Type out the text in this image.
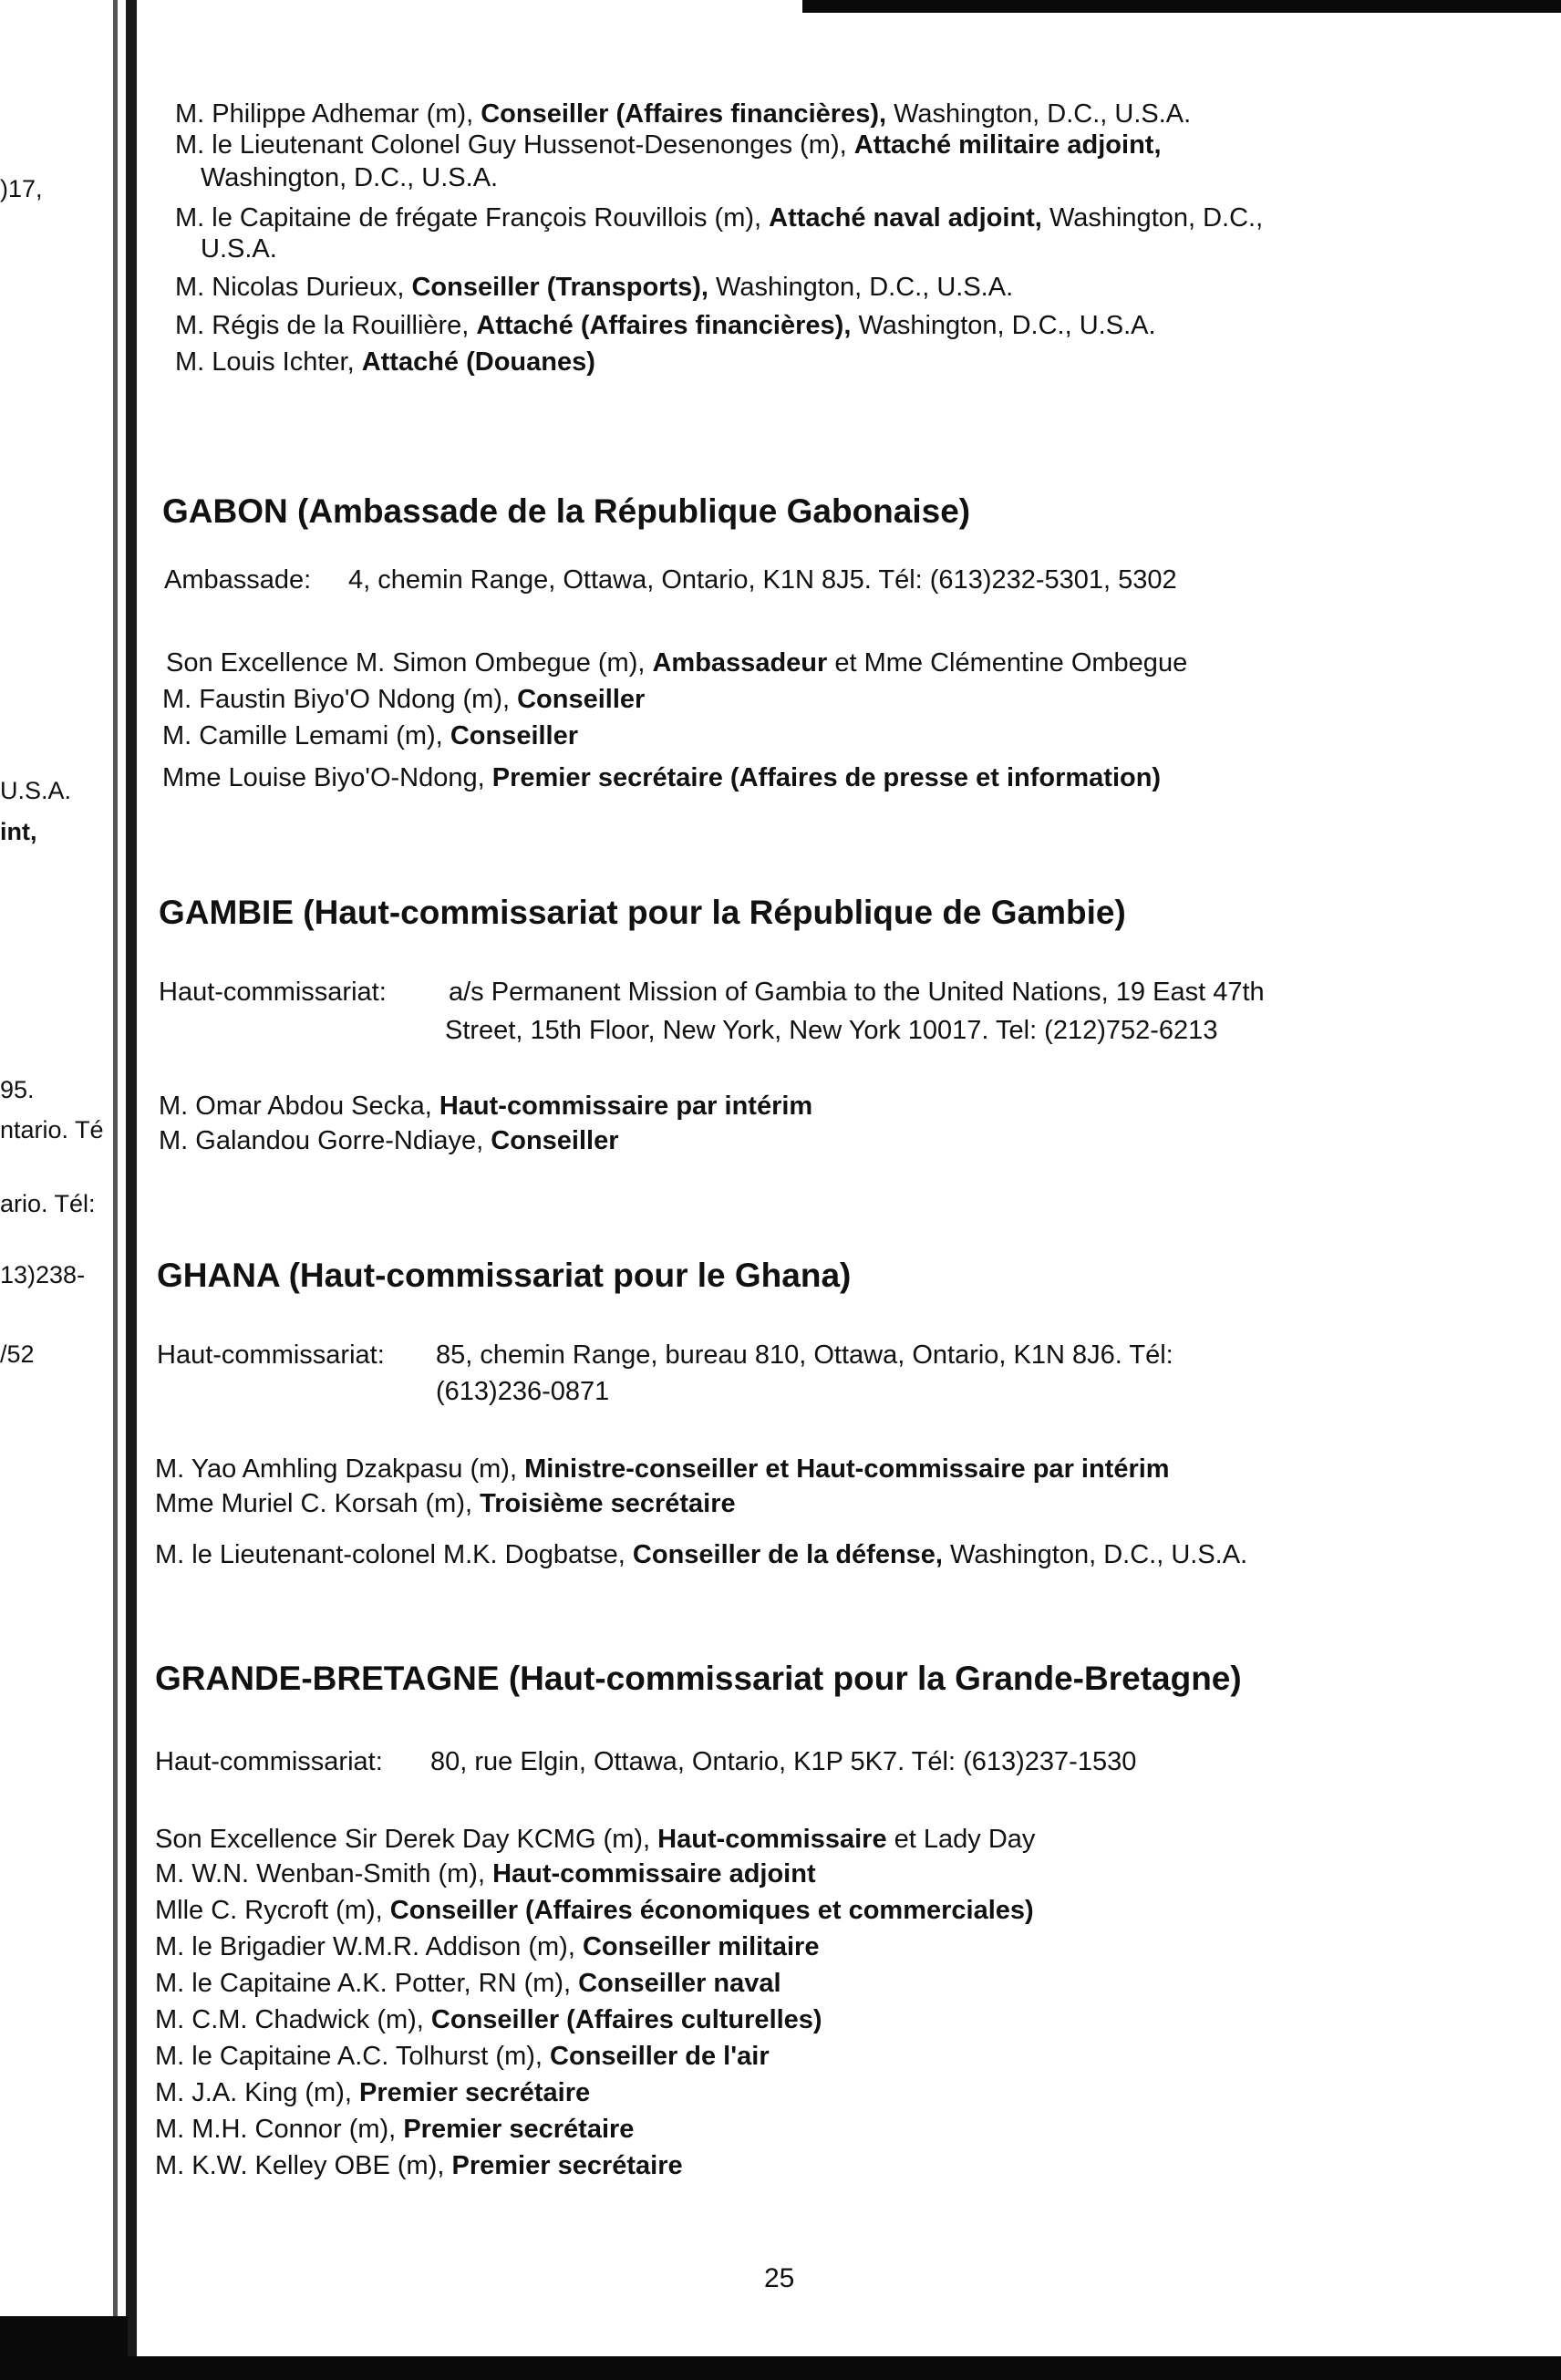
)17,
U.S.A.
int,
95.
ntario. Té
ario. Tél:
13)238-
/52
M. Philippe Adhemar (m), Conseiller (Affaires financières), Washington, D.C., U.S.A.
M. le Lieutenant Colonel Guy Hussenot-Desenonges (m), Attaché militaire adjoint,
Washington, D.C., U.S.A.
M. le Capitaine de frégate François Rouvillois (m), Attaché naval adjoint, Washington, D.C.,
U.S.A.
M. Nicolas Durieux, Conseiller (Transports), Washington, D.C., U.S.A.
M. Régis de la Rouillière, Attaché (Affaires financières), Washington, D.C., U.S.A.
M. Louis Ichter, Attaché (Douanes)
GABON (Ambassade de la République Gabonaise)
Ambassade: 4, chemin Range, Ottawa, Ontario, K1N 8J5. Tél: (613)232-5301, 5302
Son Excellence M. Simon Ombegue (m), Ambassadeur et Mme Clémentine Ombegue
M. Faustin Biyo'O Ndong (m), Conseiller
M. Camille Lemami (m), Conseiller
Mme Louise Biyo'O-Ndong, Premier secrétaire (Affaires de presse et information)
GAMBIE (Haut-commissariat pour la République de Gambie)
Haut-commissariat: a/s Permanent Mission of Gambia to the United Nations, 19 East 47th
Street, 15th Floor, New York, New York 10017. Tel: (212)752-6213
M. Omar Abdou Secka, Haut-commissaire par intérim
M. Galandou Gorre-Ndiaye, Conseiller
GHANA (Haut-commissariat pour le Ghana)
Haut-commissariat: 85, chemin Range, bureau 810, Ottawa, Ontario, K1N 8J6. Tél:
(613)236-0871
M. Yao Amhling Dzakpasu (m), Ministre-conseiller et Haut-commissaire par intérim
Mme Muriel C. Korsah (m), Troisième secrétaire
M. le Lieutenant-colonel M.K. Dogbatse, Conseiller de la défense, Washington, D.C., U.S.A.
GRANDE-BRETAGNE (Haut-commissariat pour la Grande-Bretagne)
Haut-commissariat: 80, rue Elgin, Ottawa, Ontario, K1P 5K7. Tél: (613)237-1530
Son Excellence Sir Derek Day KCMG (m), Haut-commissaire et Lady Day
M. W.N. Wenban-Smith (m), Haut-commissaire adjoint
Mlle C. Rycroft (m), Conseiller (Affaires économiques et commerciales)
M. le Brigadier W.M.R. Addison (m), Conseiller militaire
M. le Capitaine A.K. Potter, RN (m), Conseiller naval
M. C.M. Chadwick (m), Conseiller (Affaires culturelles)
M. le Capitaine A.C. Tolhurst (m), Conseiller de l'air
M. J.A. King (m), Premier secrétaire
M. M.H. Connor (m), Premier secrétaire
M. K.W. Kelley OBE (m), Premier secrétaire
25
